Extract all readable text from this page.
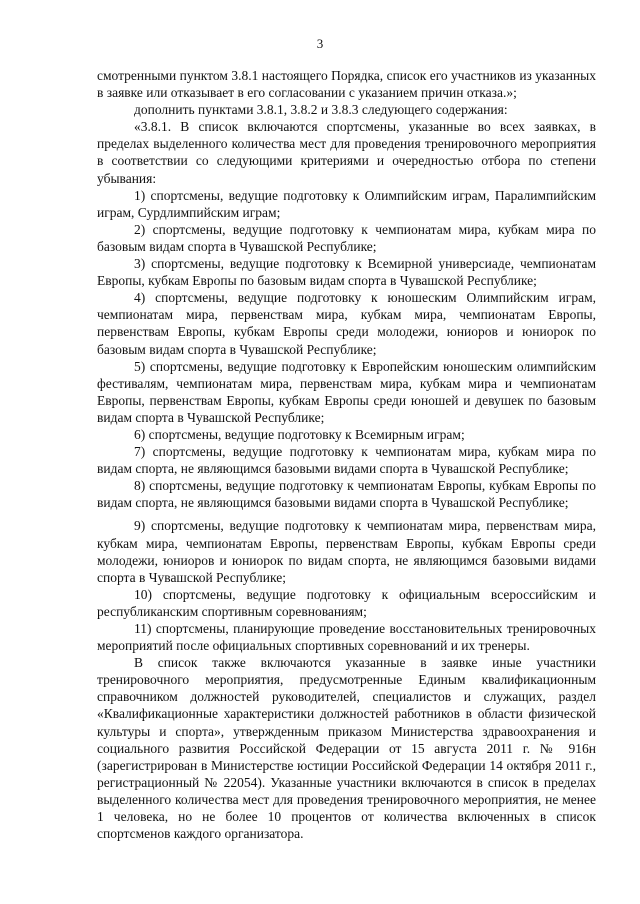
3

смотренными пунктом 3.8.1 настоящего Порядка, список его участников из указанных в заявке или отказывает в его согласовании с указанием причин отказа.»;

дополнить пунктами 3.8.1, 3.8.2 и 3.8.3 следующего содержания:

«3.8.1. В список включаются спортсмены, указанные во всех заявках, в пределах выделенного количества мест для проведения тренировочного мероприятия в соответствии со следующими критериями и очередностью отбора по степени убывания:

1) спортсмены, ведущие подготовку к Олимпийским играм, Паралимпийским играм, Сурдлимпийским играм;

2) спортсмены, ведущие подготовку к чемпионатам мира, кубкам мира по базовым видам спорта в Чувашской Республике;

3) спортсмены, ведущие подготовку к Всемирной универсиаде, чемпионатам Европы, кубкам Европы по базовым видам спорта в Чувашской Республике;

4) спортсмены, ведущие подготовку к юношеским Олимпийским играм, чемпионатам мира, первенствам мира, кубкам мира, чемпионатам Европы, первенствам Европы, кубкам Европы среди молодежи, юниоров и юниорок по базовым видам спорта в Чувашской Республике;

5) спортсмены, ведущие подготовку к Европейским юношеским олимпийским фестивалям, чемпионатам мира, первенствам мира, кубкам мира и чемпионатам Европы, первенствам Европы, кубкам Европы среди юношей и девушек по базовым видам спорта в Чувашской Республике;

6) спортсмены, ведущие подготовку к Всемирным играм;

7) спортсмены, ведущие подготовку к чемпионатам мира, кубкам мира по видам спорта, не являющимся базовыми видами спорта в Чувашской Республике;

8) спортсмены, ведущие подготовку к чемпионатам Европы, кубкам Европы по видам спорта, не являющимся базовыми видами спорта в Чувашской Республике;

9) спортсмены, ведущие подготовку к чемпионатам мира, первенствам мира, кубкам мира, чемпионатам Европы, первенствам Европы, кубкам Европы среди молодежи, юниоров и юниорок по видам спорта, не являющимся базовыми видами спорта в Чувашской Республике;

10) спортсмены, ведущие подготовку к официальным всероссийским и республиканским спортивным соревнованиям;

11) спортсмены, планирующие проведение восстановительных тренировочных мероприятий после официальных спортивных соревнований и их тренеры.

В список также включаются указанные в заявке иные участники тренировочного мероприятия, предусмотренные Единым квалификационным справочником должностей руководителей, специалистов и служащих, раздел «Квалификационные характеристики должностей работников в области физической культуры и спорта», утвержденным приказом Министерства здравоохранения и социального развития Российской Федерации от 15 августа 2011 г. № 916н (зарегистрирован в Министерстве юстиции Российской Федерации 14 октября 2011 г., регистрационный № 22054). Указанные участники включаются в список в пределах выделенного количества мест для проведения тренировочного мероприятия, не менее 1 человека, но не более 10 процентов от количества включенных в список спортсменов каждого организатора.
